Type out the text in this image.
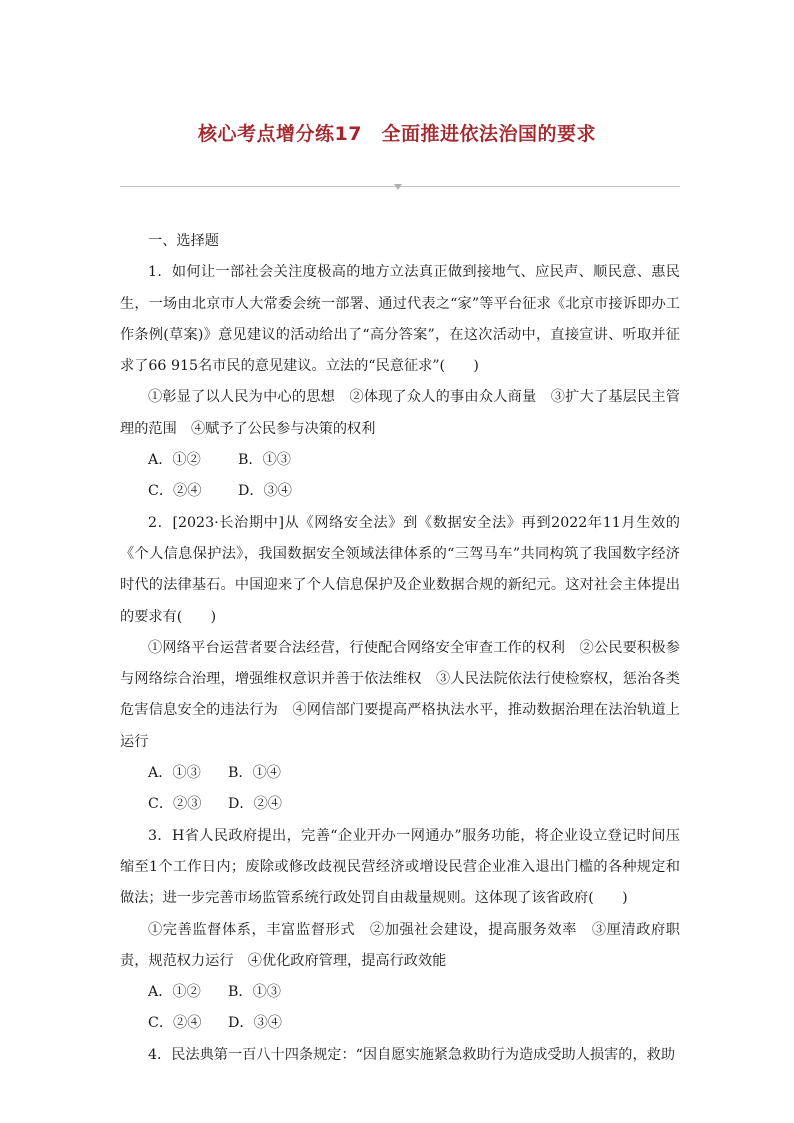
核心考点增分练17　全面推进依法治国的要求

一、选择题

1．如何让一部社会关注度极高的地方立法真正做到接地气、应民声、顺民意、惠民生，一场由北京市人大常委会统一部署、通过代表之“家”等平台征求《北京市接诉即办工作条例(草案)》意见建议的活动给出了“高分答案”，在这次活动中，直接宣讲、听取并征求了66 915名市民的意见建议。立法的“民意征求”(　　)

①彰显了以人民为中心的思想　②体现了众人的事由众人商量　③扩大了基层民主管理的范围　④赋予了公民参与决策的权利

A．①②	B．①③

C．②④	D．③④

2．[2023·长治期中]从《网络安全法》到《数据安全法》再到2022年11月生效的《个人信息保护法》，我国数据安全领域法律体系的“三驾马车”共同构筑了我国数字经济时代的法律基石。中国迎来了个人信息保护及企业数据合规的新纪元。这对社会主体提出的要求有(　　)

①网络平台运营者要合法经营，行使配合网络安全审查工作的权利　②公民要积极参与网络综合治理，增强维权意识并善于依法维权　③人民法院依法行使检察权，惩治各类危害信息安全的违法行为　④网信部门要提高严格执法水平，推动数据治理在法治轨道上运行

A．①③ B．①④

C．②③ D．②④

3．H省人民政府提出，完善“企业开办一网通办”服务功能，将企业设立登记时间压缩至1个工作日内；废除或修改歧视民营经济或增设民营企业准入退出门槛的各种规定和做法；进一步完善市场监管系统行政处罚自由裁量规则。这体现了该省政府(　　)

①完善监督体系，丰富监督形式　②加强社会建设，提高服务效率　③厘清政府职责，规范权力运行　④优化政府管理，提高行政效能

A．①② B．①③

C．②④ D．③④

4．民法典第一百八十四条规定：“因自愿实施紧急救助行为造成受助人损害的，救助
